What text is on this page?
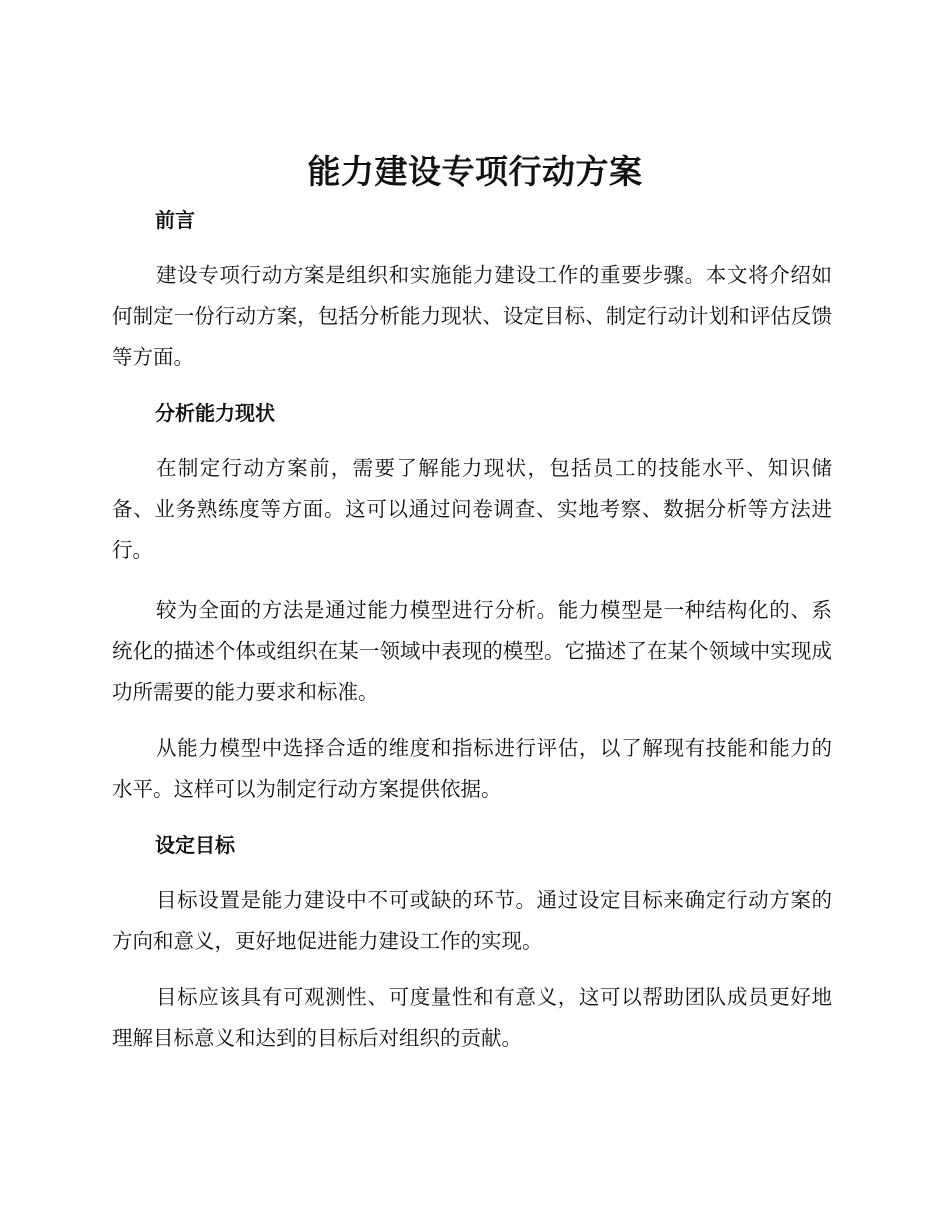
能力建设专项行动方案
前言

建设专项行动方案是组织和实施能力建设工作的重要步骤。本文将介绍如何制定一份行动方案，包括分析能力现状、设定目标、制定行动计划和评估反馈等方面。

分析能力现状

在制定行动方案前，需要了解能力现状，包括员工的技能水平、知识储备、业务熟练度等方面。这可以通过问卷调查、实地考察、数据分析等方法进行。

较为全面的方法是通过能力模型进行分析。能力模型是一种结构化的、系统化的描述个体或组织在某一领域中表现的模型。它描述了在某个领域中实现成功所需要的能力要求和标准。

从能力模型中选择合适的维度和指标进行评估，以了解现有技能和能力的水平。这样可以为制定行动方案提供依据。

设定目标

目标设置是能力建设中不可或缺的环节。通过设定目标来确定行动方案的方向和意义，更好地促进能力建设工作的实现。

目标应该具有可观测性、可度量性和有意义，这可以帮助团队成员更好地理解目标意义和达到的目标后对组织的贡献。
